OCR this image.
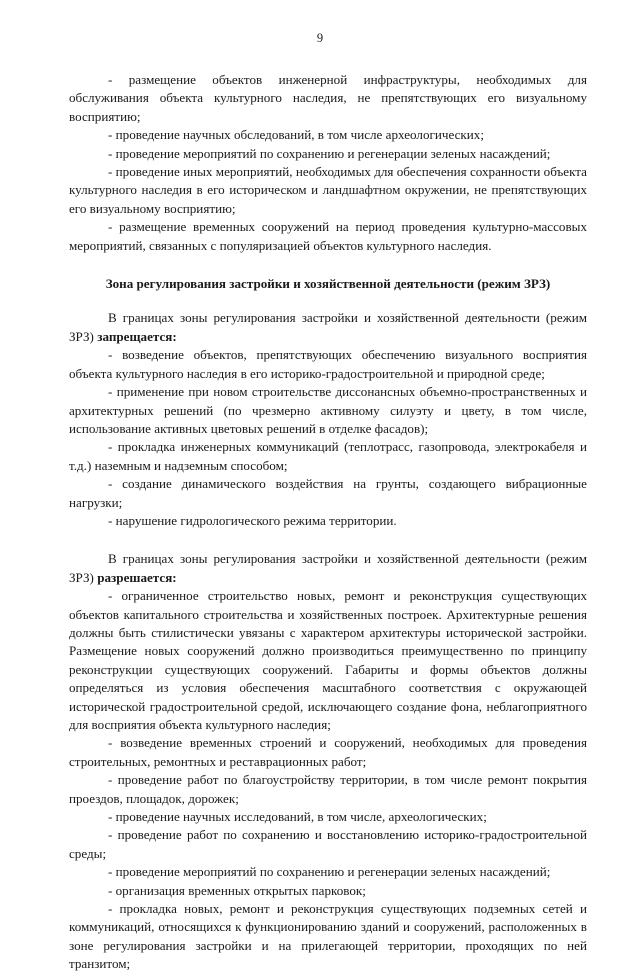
9

- размещение объектов инженерной инфраструктуры, необходимых для обслуживания объекта культурного наследия, не препятствующих его визуальному восприятию;

- проведение научных обследований, в том числе археологических;

- проведение мероприятий по сохранению и регенерации зеленых насаждений;

- проведение иных мероприятий, необходимых для обеспечения сохранности объекта культурного наследия в его историческом и ландшафтном окружении, не препятствующих его визуальному восприятию;

- размещение временных сооружений на период проведения культурно-массовых мероприятий, связанных с популяризацией объектов культурного наследия.

Зона регулирования застройки и хозяйственной деятельности (режим ЗРЗ)

В границах зоны регулирования застройки и хозяйственной деятельности (режим ЗРЗ) запрещается:

- возведение объектов, препятствующих обеспечению визуального восприятия объекта культурного наследия в его историко-градостроительной и природной среде;

- применение при новом строительстве диссонансных объемно-пространственных и архитектурных решений (по чрезмерно активному силуэту и цвету, в том числе, использование активных цветовых решений в отделке фасадов);

- прокладка инженерных коммуникаций (теплотрасс, газопровода, электрокабеля и т.д.) наземным и надземным способом;

- создание динамического воздействия на грунты, создающего вибрационные нагрузки;

- нарушение гидрологического режима территории.

В границах зоны регулирования застройки и хозяйственной деятельности (режим ЗРЗ) разрешается:

- ограниченное строительство новых, ремонт и реконструкция существующих объектов капитального строительства и хозяйственных построек. Архитектурные решения должны быть стилистически увязаны с характером архитектуры исторической застройки. Размещение новых сооружений должно производиться преимущественно по принципу реконструкции существующих сооружений. Габариты и формы объектов должны определяться из условия обеспечения масштабного соответствия с окружающей исторической градостроительной средой, исключающего создание фона, неблагоприятного для восприятия объекта культурного наследия;

- возведение временных строений и сооружений, необходимых для проведения строительных, ремонтных и реставрационных работ;

- проведение работ по благоустройству территории, в том числе ремонт покрытия проездов, площадок, дорожек;

- проведение научных исследований, в том числе, археологических;

- проведение работ по сохранению и восстановлению историко-градостроительной среды;

- проведение мероприятий по сохранению и регенерации зеленых насаждений;

- организация временных открытых парковок;

- прокладка новых, ремонт и реконструкция существующих подземных сетей и коммуникаций, относящихся к функционированию зданий и сооружений, расположенных в зоне регулирования застройки и на прилегающей территории, проходящих по ней транзитом;
